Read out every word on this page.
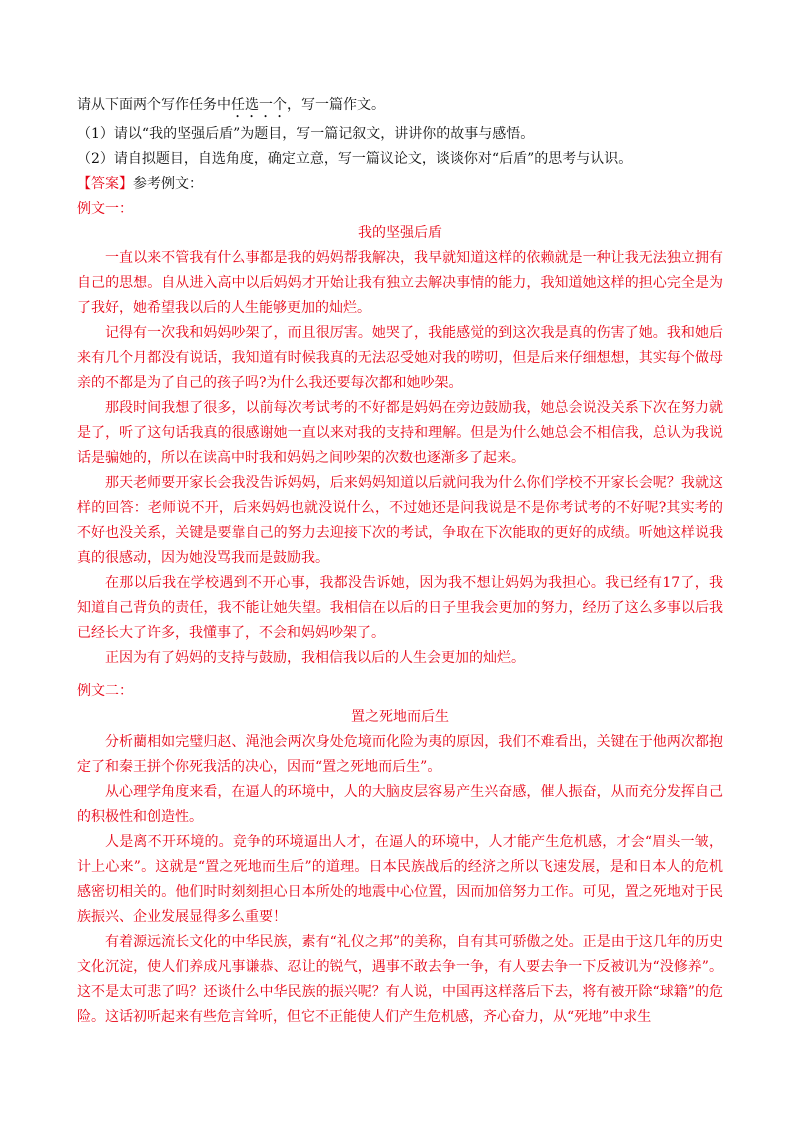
请从下面两个写作任务中任选一个，写一篇作文。
（1）请以“我的坚强后盾”为题目，写一篇记叙文，讲讲你的故事与感悟。
（2）请自拟题目，自选角度，确定立意，写一篇议论文，谈谈你对“后盾”的思考与认识。
【答案】参考例文：
例文一：

我的坚强后盾

一直以来不管我有什么事都是我的妈妈帮我解决，我早就知道这样的依赖就是一种让我无法独立拥有自己的思想。自从进入高中以后妈妈才开始让我有独立去解决事情的能力，我知道她这样的担心完全是为了我好，她希望我以后的人生能够更加的灿烂。

记得有一次我和妈妈吵架了，而且很厉害。她哭了，我能感觉的到这次我是真的伤害了她。我和她后来有几个月都没有说话，我知道有时候我真的无法忍受她对我的唠叨，但是后来仔细想想，其实每个做母亲的不都是为了自己的孩子吗?为什么我还要每次都和她吵架。

那段时间我想了很多，以前每次考试考的不好都是妈妈在旁边鼓励我，她总会说没关系下次在努力就是了，听了这句话我真的很感谢她一直以来对我的支持和理解。但是为什么她总会不相信我，总认为我说话是骗她的，所以在读高中时我和妈妈之间吵架的次数也逐渐多了起来。

那天老师要开家长会我没告诉妈妈，后来妈妈知道以后就问我为什么你们学校不开家长会呢？我就这样的回答：老师说不开，后来妈妈也就没说什么，不过她还是问我说是不是你考试考的不好呢?其实考的不好也没关系，关键是要靠自己的努力去迎接下次的考试，争取在下次能取的更好的成绩。听她这样说我真的很感动，因为她没骂我而是鼓励我。

在那以后我在学校遇到不开心事，我都没告诉她，因为我不想让妈妈为我担心。我已经有17了，我知道自己背负的责任，我不能让她失望。我相信在以后的日子里我会更加的努力，经历了这么多事以后我已经长大了许多，我懂事了，不会和妈妈吵架了。

正因为有了妈妈的支持与鼓励，我相信我以后的人生会更加的灿烂。

例文二：

置之死地而后生

分析藺相如完璧归赵、渑池会两次身处危境而化险为夷的原因，我们不难看出，关键在于他两次都抱定了和秦王拼个你死我活的决心，因而“置之死地而后生”。

从心理学角度来看，在逼人的环境中，人的大脑皮层容易产生兴奋感，催人振奋，从而充分发挥自己的积极性和创造性。

人是离不开环境的。竞争的环境逼出人才，在逼人的环境中，人才能产生危机感，才会“眉头一皱，计上心来”。这就是“置之死地而生后”的道理。日本民族战后的经济之所以飞速发展，是和日本人的危机感密切相关的。他们时时刻刻担心日本所处的地震中心位置，因而加倍努力工作。可见，置之死地对于民族振兴、企业发展显得多么重要！

有着源远流长文化的中华民族，素有“礼仪之邦”的美称，自有其可骄傲之处。正是由于这几年的历史文化沉淀，使人们养成凡事谦恭、忍让的锐气，遇事不敢去争一争，有人要去争一下反被讥为“没修养”。这不是太可悲了吗？还谈什么中华民族的振兴呢？有人说，中国再这样落后下去，将有被开除“球籍”的危险。这话初听起来有些危言耸听，但它不正能使人们产生危机感，齐心奋力，从“死地”中求生
